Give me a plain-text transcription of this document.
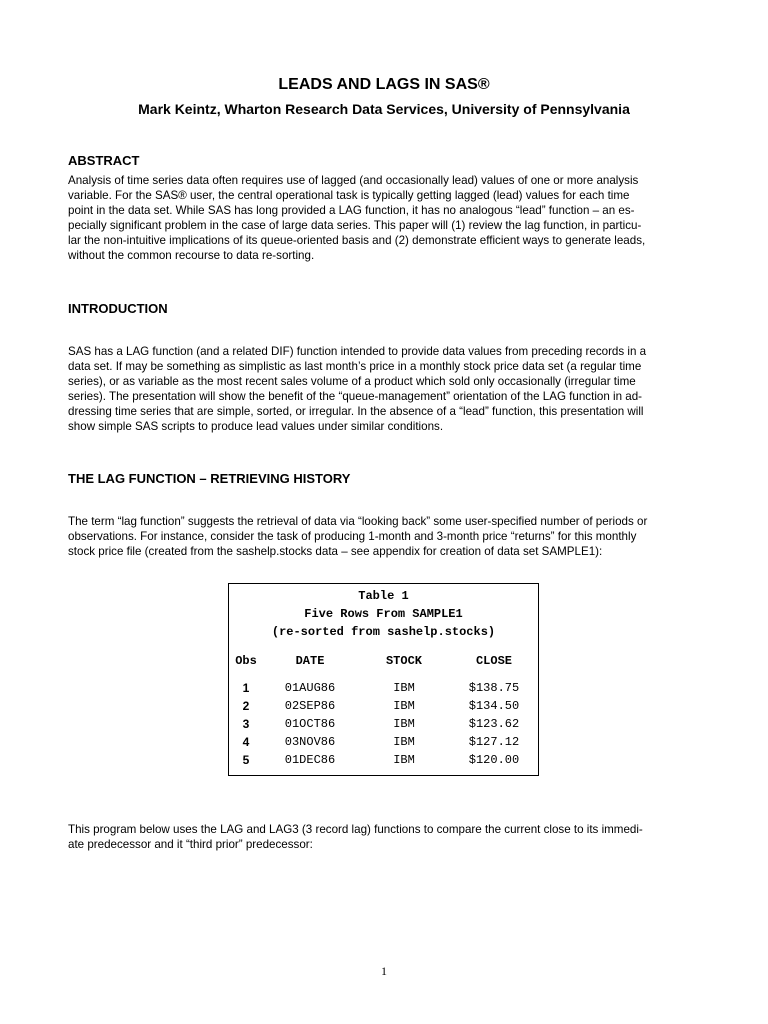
LEADS AND LAGS IN SAS®
Mark Keintz, Wharton Research Data Services, University of Pennsylvania
ABSTRACT
Analysis of time series data often requires use of lagged (and occasionally lead) values of one or more analysis
variable. For the SAS® user, the central operational task is typically getting lagged (lead) values for each time
point in the data set. While SAS has long provided a LAG function, it has no analogous “lead” function – an es-
pecially significant problem in the case of large data series. This paper will (1) review the lag function, in particu-
lar the non-intuitive implications of its queue-oriented basis and (2) demonstrate efficient ways to generate leads,
without the common recourse to data re-sorting.
INTRODUCTION
SAS has a LAG function (and a related DIF) function intended to provide data values from preceding records in a
data set. If may be something as simplistic as last month’s price in a monthly stock price data set (a regular time
series), or as variable as the most recent sales volume of a product which sold only occasionally (irregular time
series). The presentation will show the benefit of the “queue-management” orientation of the LAG function in ad-
dressing time series that are simple, sorted, or irregular. In the absence of a “lead” function, this presentation will
show simple SAS scripts to produce lead values under similar conditions.
THE LAG FUNCTION – RETRIEVING HISTORY
The term “lag function” suggests the retrieval of data via “looking back” some user-specified number of periods or
observations. For instance, consider the task of producing 1-month and 3-month price “returns” for this monthly
stock price file (created from the sashelp.stocks data – see appendix for creation of data set SAMPLE1):
Table 1
Five Rows From SAMPLE1
(re-sorted from sashelp.stocks)
Obs	DATE	STOCK	CLOSE
1	01AUG86	IBM	$138.75
2	02SEP86	IBM	$134.50
3	01OCT86	IBM	$123.62
4	03NOV86	IBM	$127.12
5	01DEC86	IBM	$120.00
This program below uses the LAG and LAG3 (3 record lag) functions to compare the current close to its immedi-
ate predecessor and it “third prior” predecessor:
1
